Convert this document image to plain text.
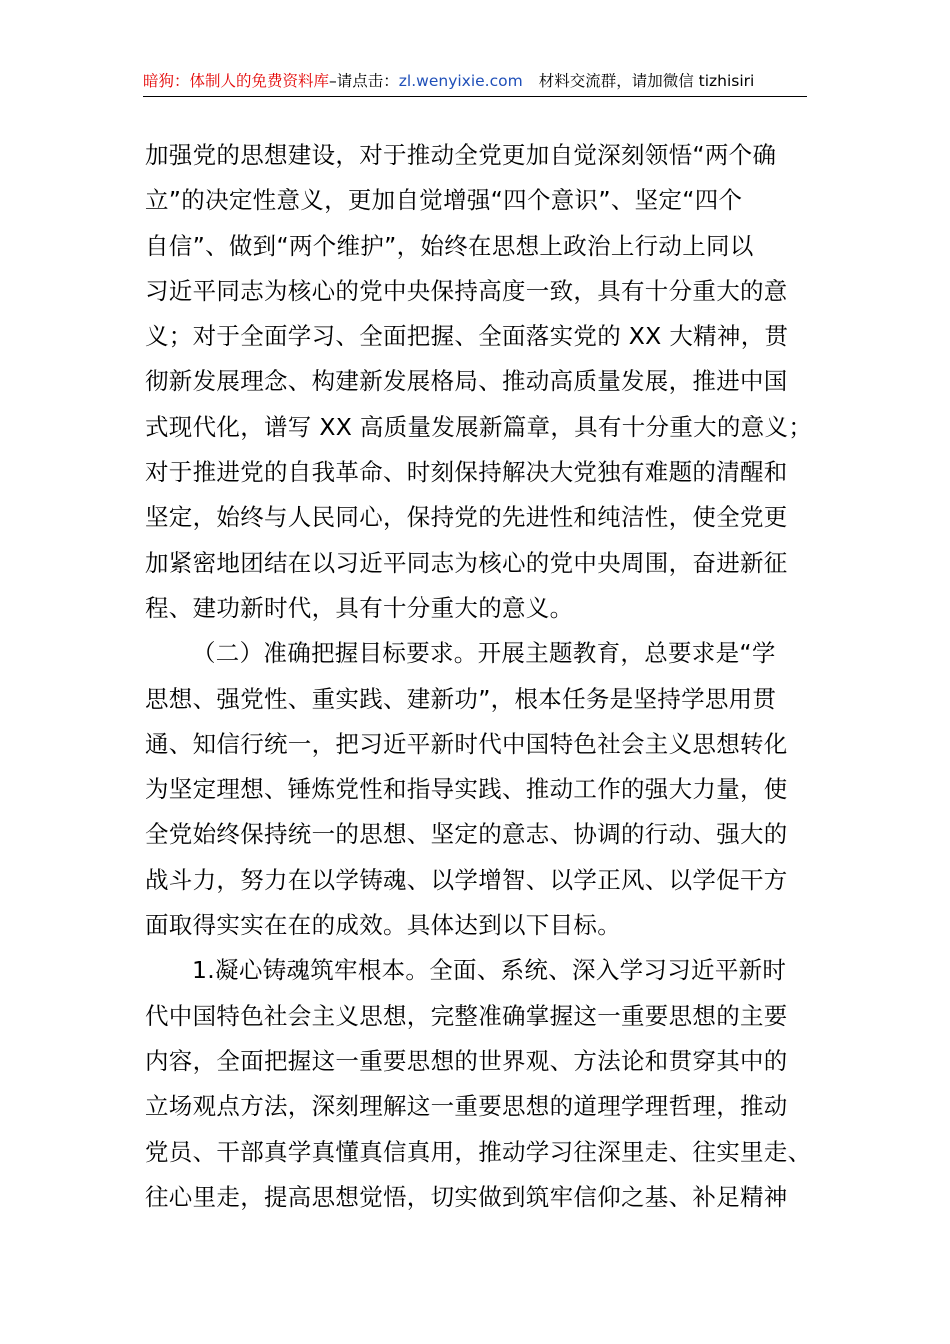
暗狗：体制人的免费资料库–请点击：zl.wenyixie.com 材料交流群，请加微信 tizhisiri
加强党的思想建设，对于推动全党更加自觉深刻领悟“两个确
立”的决定性意义，更加自觉增强“四个意识”、坚定“四个
自信”、做到“两个维护”，始终在思想上政治上行动上同以
习近平同志为核心的党中央保持高度一致，具有十分重大的意
义；对于全面学习、全面把握、全面落实党的 XX 大精神，贯
彻新发展理念、构建新发展格局、推动高质量发展，推进中国
式现代化，谱写 XX 高质量发展新篇章，具有十分重大的意义；
对于推进党的自我革命、时刻保持解决大党独有难题的清醒和
坚定，始终与人民同心，保持党的先进性和纯洁性，使全党更
加紧密地团结在以习近平同志为核心的党中央周围，奋进新征
程、建功新时代，具有十分重大的意义。
（二）准确把握目标要求。开展主题教育，总要求是“学
思想、强党性、重实践、建新功”，根本任务是坚持学思用贯
通、知信行统一，把习近平新时代中国特色社会主义思想转化
为坚定理想、锤炼党性和指导实践、推动工作的强大力量，使
全党始终保持统一的思想、坚定的意志、协调的行动、强大的
战斗力，努力在以学铸魂、以学增智、以学正风、以学促干方
面取得实实在在的成效。具体达到以下目标。
1.凝心铸魂筑牢根本。全面、系统、深入学习习近平新时
代中国特色社会主义思想，完整准确掌握这一重要思想的主要
内容，全面把握这一重要思想的世界观、方法论和贯穿其中的
立场观点方法，深刻理解这一重要思想的道理学理哲理，推动
党员、干部真学真懂真信真用，推动学习往深里走、往实里走、
往心里走，提高思想觉悟，切实做到筑牢信仰之基、补足精神
